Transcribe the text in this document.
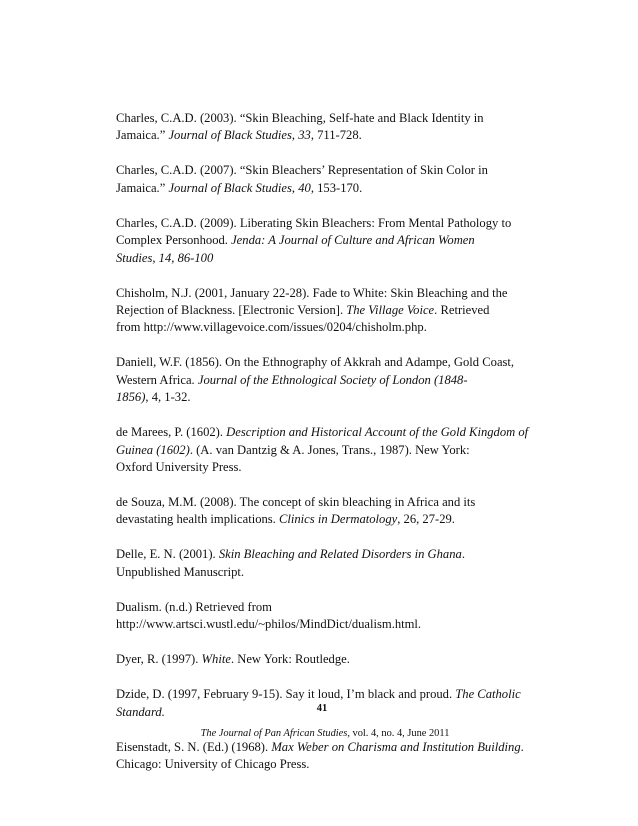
Charles, C.A.D. (2003). “Skin Bleaching, Self-hate and Black Identity in
Jamaica.” Journal of Black Studies, 33, 711-728.

Charles, C.A.D. (2007). “Skin Bleachers’ Representation of Skin Color in
Jamaica.” Journal of Black Studies, 40, 153-170.

Charles, C.A.D. (2009). Liberating Skin Bleachers: From Mental Pathology to
Complex Personhood. Jenda: A Journal of Culture and African Women
Studies, 14, 86-100

Chisholm, N.J. (2001, January 22-28). Fade to White: Skin Bleaching and the
Rejection of Blackness. [Electronic Version]. The Village Voice. Retrieved
from http://www.villagevoice.com/issues/0204/chisholm.php.

Daniell, W.F. (1856). On the Ethnography of Akkrah and Adampe, Gold Coast,
Western Africa. Journal of the Ethnological Society of London (1848-
1856), 4, 1-32.

de Marees, P. (1602). Description and Historical Account of the Gold Kingdom of
Guinea (1602). (A. van Dantzig & A. Jones, Trans., 1987). New York:
Oxford University Press.

de Souza, M.M. (2008). The concept of skin bleaching in Africa and its
devastating health implications. Clinics in Dermatology, 26, 27-29.

Delle, E. N. (2001). Skin Bleaching and Related Disorders in Ghana.
Unpublished Manuscript.

Dualism. (n.d.) Retrieved from
http://www.artsci.wustl.edu/~philos/MindDict/dualism.html.

Dyer, R. (1997). White. New York: Routledge.

Dzide, D. (1997, February 9-15). Say it loud, I’m black and proud. The Catholic
Standard.

Eisenstadt, S. N. (Ed.) (1968). Max Weber on Charisma and Institution Building.
Chicago: University of Chicago Press.

41
The Journal of Pan African Studies, vol. 4, no. 4, June 2011
